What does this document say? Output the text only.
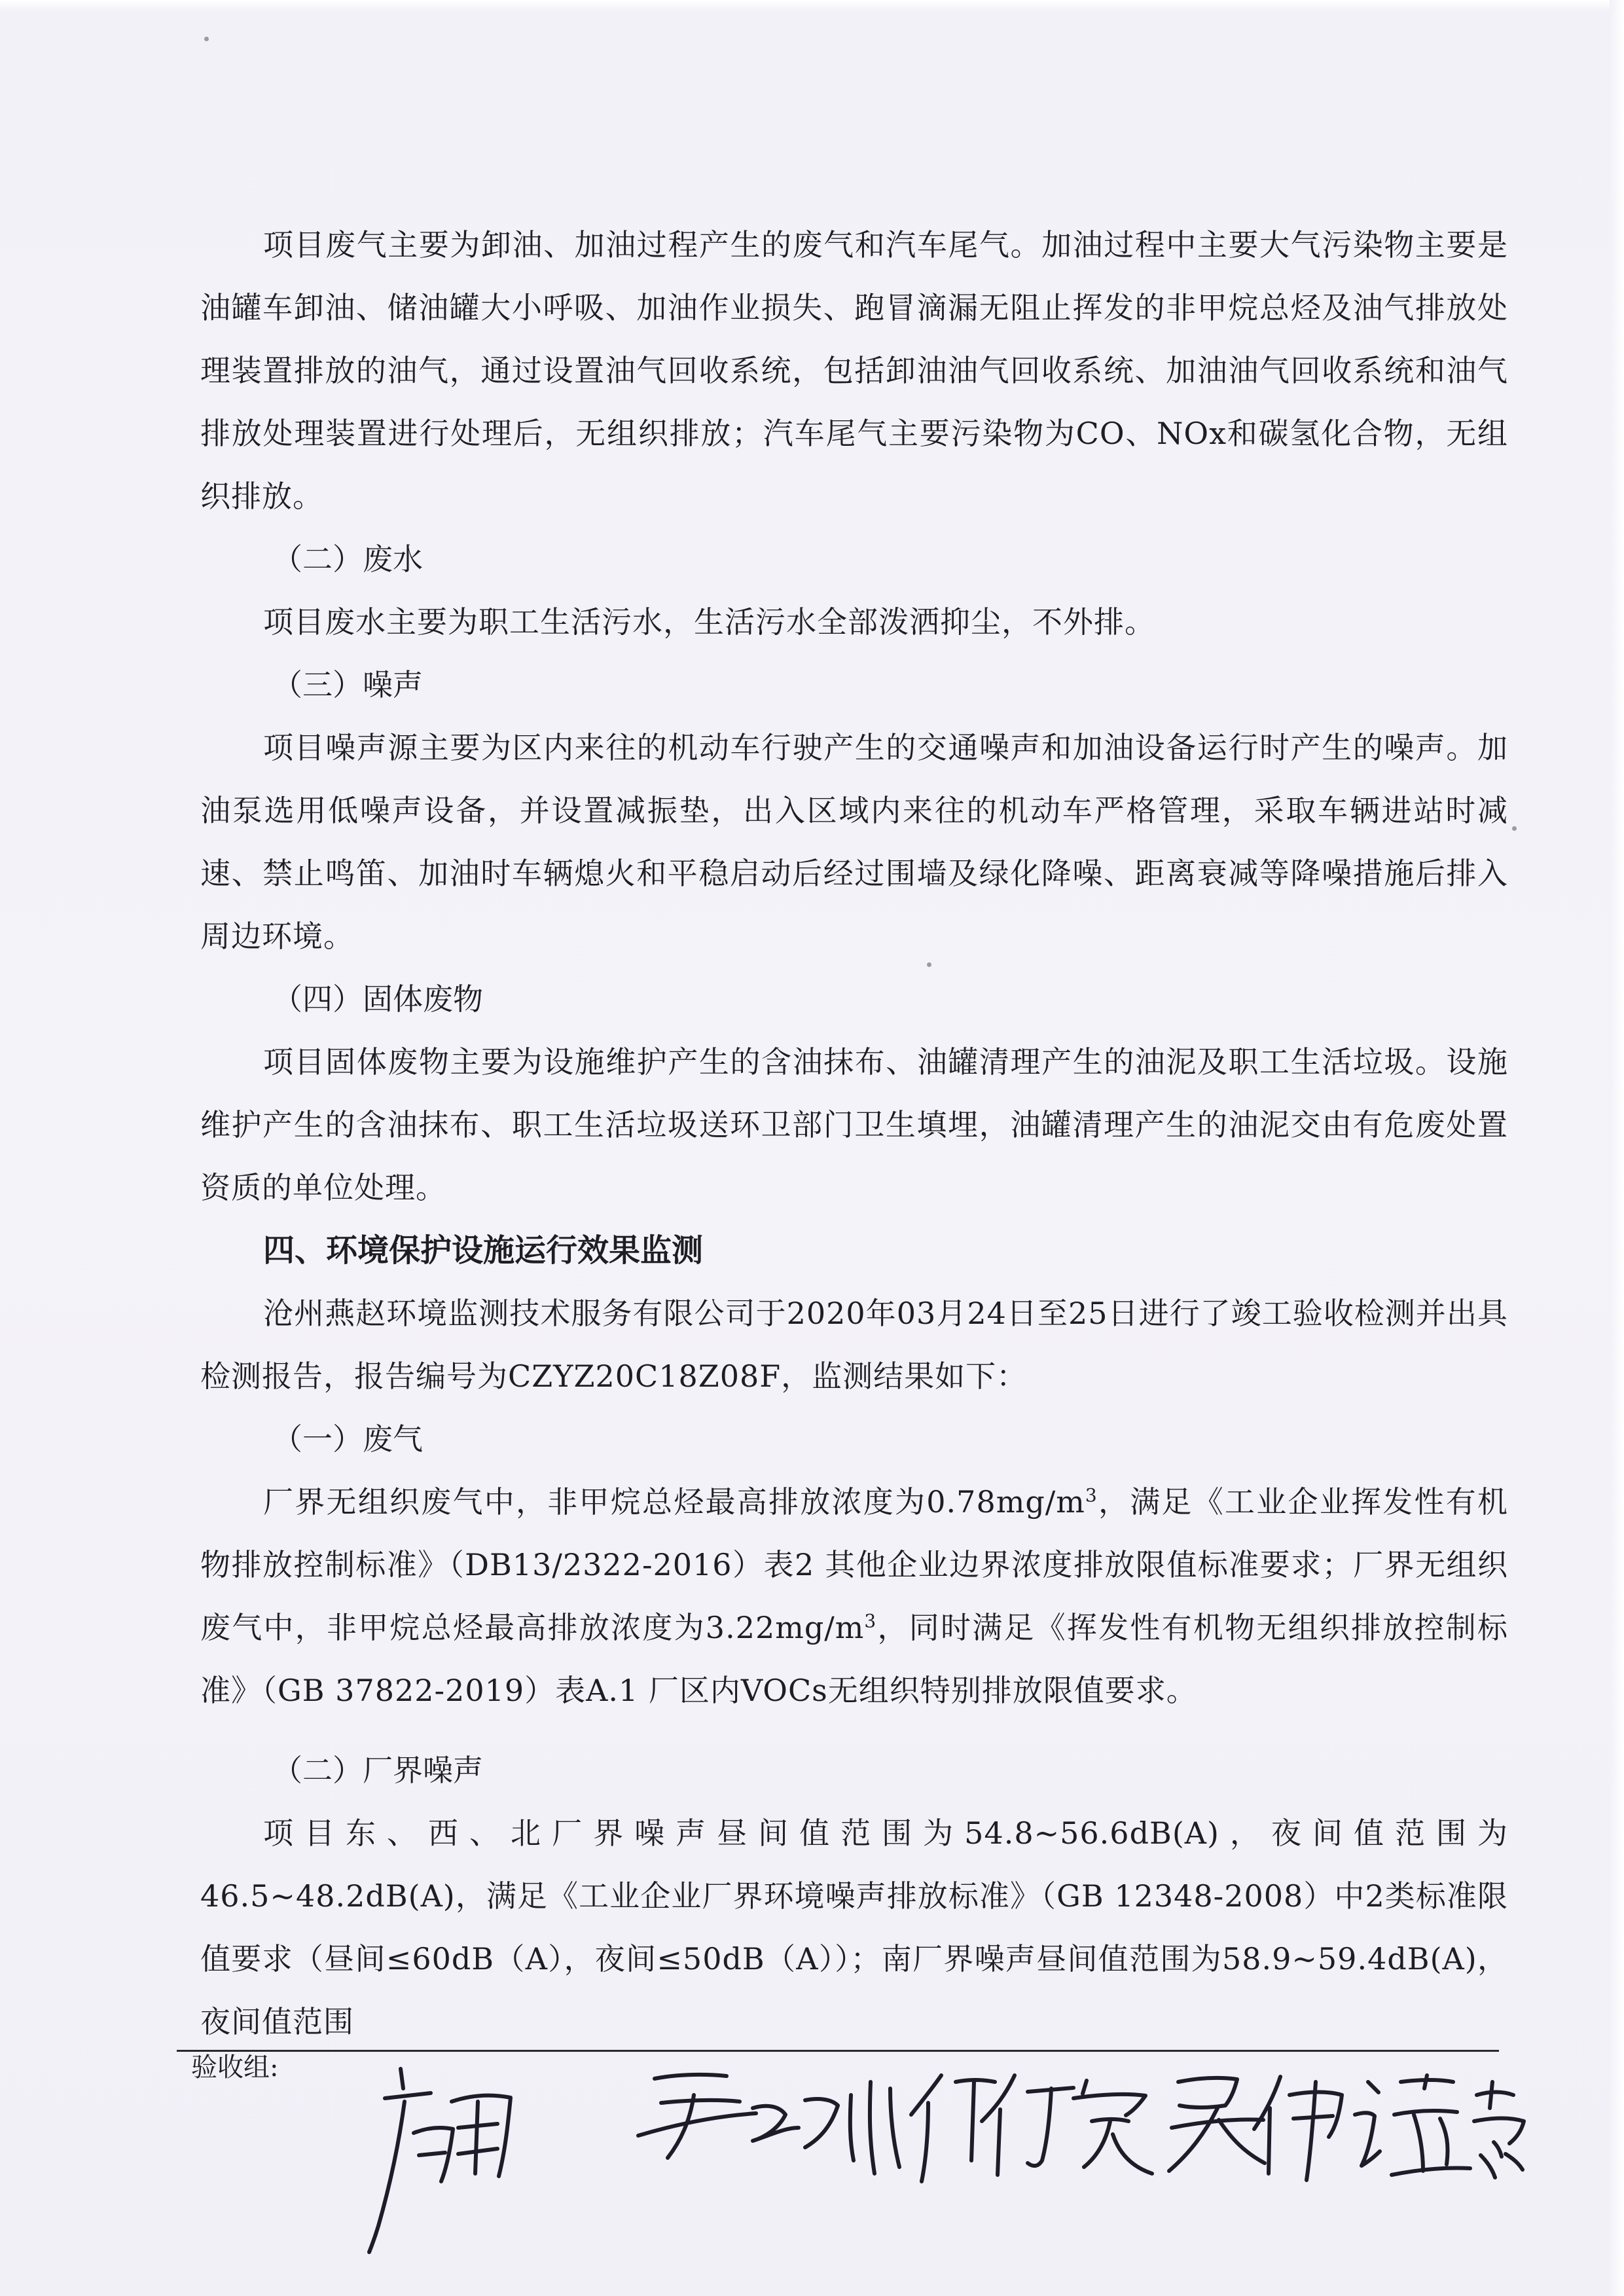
项目废气主要为卸油、加油过程产生的废气和汽车尾气。加油过程中主要大气污染物主要是油罐车卸油、储油罐大小呼吸、加油作业损失、跑冒滴漏无阻止挥发的非甲烷总烃及油气排放处理装置排放的油气，通过设置油气回收系统，包括卸油油气回收系统、加油油气回收系统和油气排放处理装置进行处理后，无组织排放；汽车尾气主要污染物为CO、NOx和碳氢化合物，无组织排放。

（二）废水

项目废水主要为职工生活污水，生活污水全部泼洒抑尘，不外排。

（三）噪声

项目噪声源主要为区内来往的机动车行驶产生的交通噪声和加油设备运行时产生的噪声。加油泵选用低噪声设备，并设置减振垫，出入区域内来往的机动车严格管理，采取车辆进站时减速、禁止鸣笛、加油时车辆熄火和平稳启动后经过围墙及绿化降噪、距离衰减等降噪措施后排入周边环境。

（四）固体废物

项目固体废物主要为设施维护产生的含油抹布、油罐清理产生的油泥及职工生活垃圾。设施维护产生的含油抹布、职工生活垃圾送环卫部门卫生填埋，油罐清理产生的油泥交由有危废处置资质的单位处理。

四、环境保护设施运行效果监测

沧州燕赵环境监测技术服务有限公司于2020年03月24日至25日进行了竣工验收检测并出具检测报告，报告编号为CZYZ20C18Z08F，监测结果如下：

（一）废气

厂界无组织废气中，非甲烷总烃最高排放浓度为$0.78mg/m^3$，满足《工业企业挥发性有机物排放控制标准》（DB13/2322-2016）表2 其他企业边界浓度排放限值标准要求；厂界无组织废气中，非甲烷总烃最高排放浓度为$3.22mg/m^3$，同时满足《挥发性有机物无组织排放控制标准》（GB 37822-2019）表A.1 厂区内VOCs无组织特别排放限值要求。

（二）厂界噪声

项目东、西、北厂界噪声昼间值范围为54.8~56.6dB(A)，夜间值范围为46.5~48.2dB(A)，满足《工业企业厂界环境噪声排放标准》（GB 12348-2008）中2类标准限值要求（昼间≤60dB（A），夜间≤50dB（A））；南厂界噪声昼间值范围为58.9~59.4dB(A)，夜间值范围

验收组:
